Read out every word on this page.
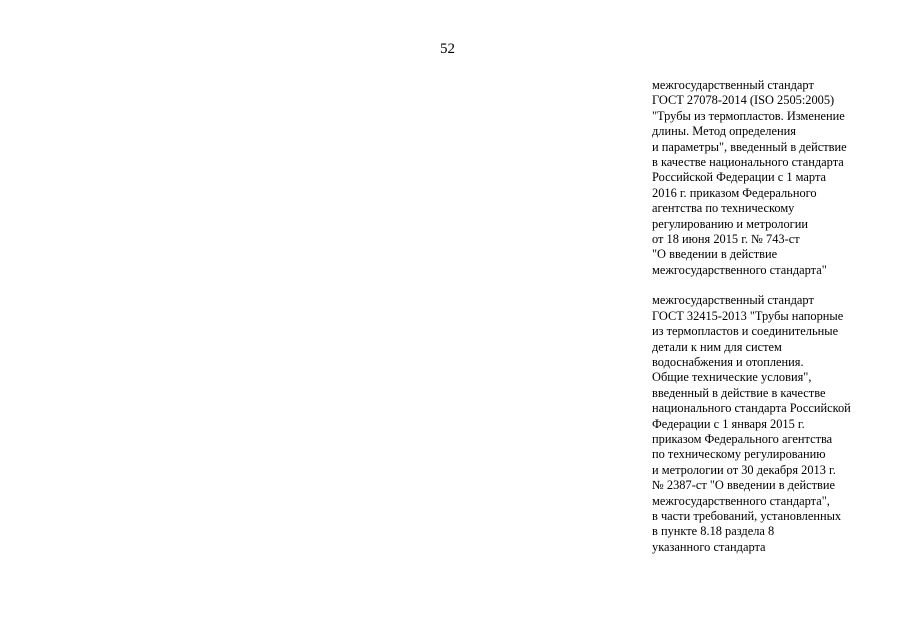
52

межгосударственный стандарт
ГОСТ 27078-2014 (ISO 2505:2005)
"Трубы из термопластов. Изменение
длины. Метод определения
и параметры", введенный в действие
в качестве национального стандарта
Российской Федерации с 1 марта
2016 г. приказом Федерального
агентства по техническому
регулированию и метрологии
от 18 июня 2015 г. № 743-ст
"О введении в действие
межгосударственного стандарта"

межгосударственный стандарт
ГОСТ 32415-2013 "Трубы напорные
из термопластов и соединительные
детали к ним для систем
водоснабжения и отопления.
Общие технические условия",
введенный в действие в качестве
национального стандарта Российской
Федерации с 1 января 2015 г.
приказом Федерального агентства
по техническому регулированию
и метрологии от 30 декабря 2013 г.
№ 2387-ст "О введении в действие
межгосударственного стандарта",
в части требований, установленных
в пункте 8.18 раздела 8
указанного стандарта
